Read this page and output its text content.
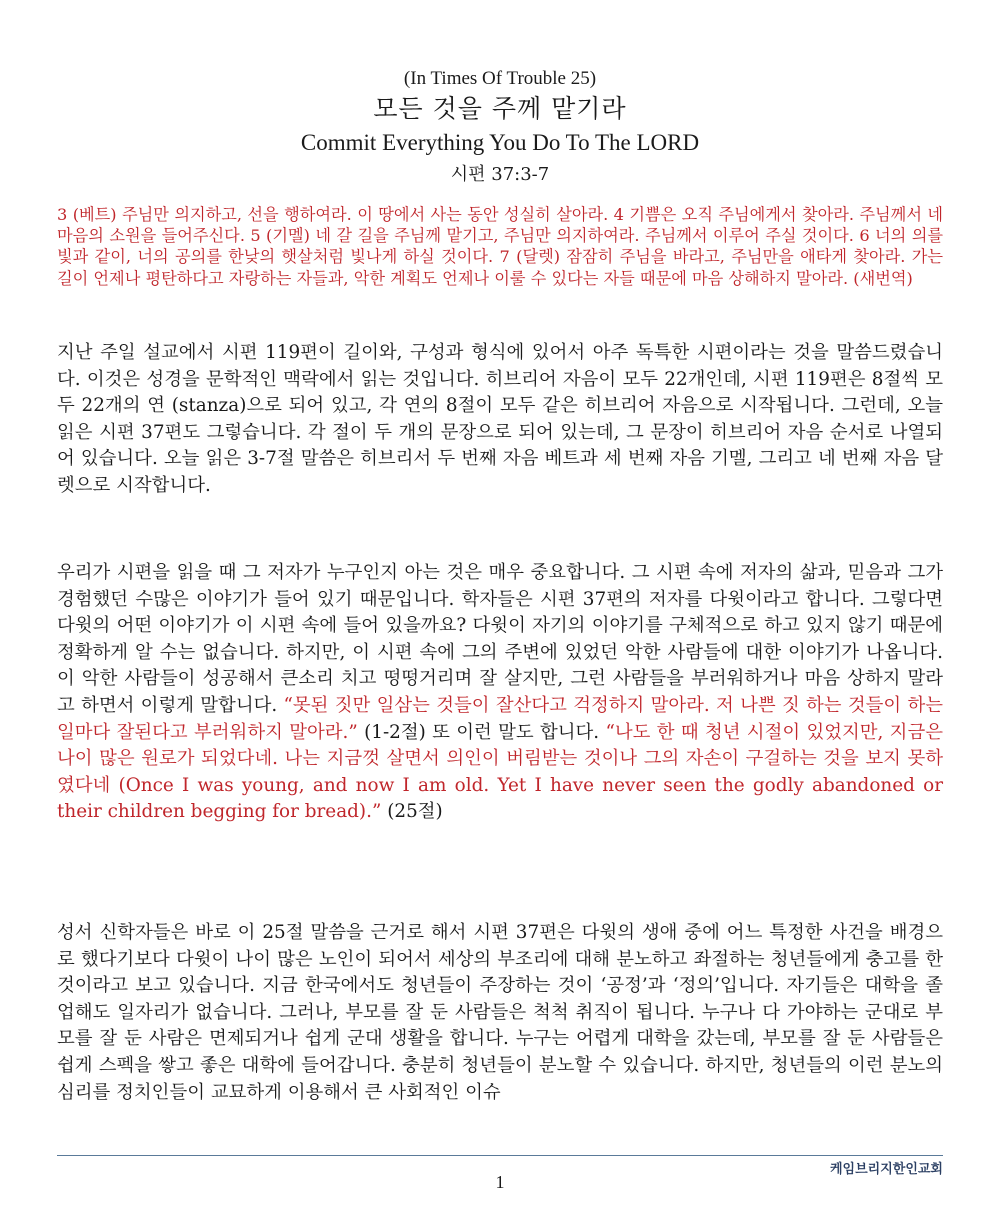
(In Times Of Trouble 25)
모든 것을 주께 맡기라
Commit Everything You Do To The LORD
시편 37:3-7

3 (베트) 주님만 의지하고, 선을 행하여라. 이 땅에서 사는 동안 성실히 살아라. 4 기쁨은 오직 주님에게서 찾아라. 주님께서 네 마음의 소원을 들어주신다. 5 (기멜) 네 갈 길을 주님께 맡기고, 주님만 의지하여라. 주님께서 이루어 주실 것이다. 6 너의 의를 빛과 같이, 너의 공의를 한낮의 햇살처럼 빛나게 하실 것이다. 7 (달렛) 잠잠히 주님을 바라고, 주님만을 애타게 찾아라. 가는 길이 언제나 평탄하다고 자랑하는 자들과, 악한 계획도 언제나 이룰 수 있다는 자들 때문에 마음 상해하지 말아라. (새번역)

지난 주일 설교에서 시편 119편이 길이와, 구성과 형식에 있어서 아주 독특한 시편이라는 것을 말씀드렸습니다. 이것은 성경을 문학적인 맥락에서 읽는 것입니다. 히브리어 자음이 모두 22개인데, 시편 119편은 8절씩 모두 22개의 연 (stanza)으로 되어 있고, 각 연의 8절이 모두 같은 히브리어 자음으로 시작됩니다. 그런데, 오늘 읽은 시편 37편도 그렇습니다. 각 절이 두 개의 문장으로 되어 있는데, 그 문장이 히브리어 자음 순서로 나열되어 있습니다. 오늘 읽은 3-7절 말씀은 히브리서 두 번째 자음 베트과 세 번째 자음 기멜, 그리고 네 번째 자음 달렛으로 시작합니다.

우리가 시편을 읽을 때 그 저자가 누구인지 아는 것은 매우 중요합니다. 그 시편 속에 저자의 삶과, 믿음과 그가 경험했던 수많은 이야기가 들어 있기 때문입니다. 학자들은 시편 37편의 저자를 다윗이라고 합니다. 그렇다면 다윗의 어떤 이야기가 이 시편 속에 들어 있을까요? 다윗이 자기의 이야기를 구체적으로 하고 있지 않기 때문에 정확하게 알 수는 없습니다. 하지만, 이 시편 속에 그의 주변에 있었던 악한 사람들에 대한 이야기가 나옵니다. 이 악한 사람들이 성공해서 큰소리 치고 떵떵거리며 잘 살지만, 그런 사람들을 부러워하거나 마음 상하지 말라고 하면서 이렇게 말합니다. “못된 짓만 일삼는 것들이 잘산다고 걱정하지 말아라. 저 나쁜 짓 하는 것들이 하는 일마다 잘된다고 부러워하지 말아라.” (1-2절) 또 이런 말도 합니다. “나도 한 때 청년 시절이 있었지만, 지금은 나이 많은 원로가 되었다네. 나는 지금껏 살면서 의인이 버림받는 것이나 그의 자손이 구걸하는 것을 보지 못하였다네 (Once I was young, and now I am old. Yet I have never seen the godly abandoned or their children begging for bread).” (25절)

성서 신학자들은 바로 이 25절 말씀을 근거로 해서 시편 37편은 다윗의 생애 중에 어느 특정한 사건을 배경으로 했다기보다 다윗이 나이 많은 노인이 되어서 세상의 부조리에 대해 분노하고 좌절하는 청년들에게 충고를 한 것이라고 보고 있습니다. 지금 한국에서도 청년들이 주장하는 것이 ‘공정’과 ‘정의’입니다. 자기들은 대학을 졸업해도 일자리가 없습니다. 그러나, 부모를 잘 둔 사람들은 척척 취직이 됩니다. 누구나 다 가야하는 군대로 부모를 잘 둔 사람은 면제되거나 쉽게 군대 생활을 합니다. 누구는 어렵게 대학을 갔는데, 부모를 잘 둔 사람들은 쉽게 스펙을 쌓고 좋은 대학에 들어갑니다. 충분히 청년들이 분노할 수 있습니다. 하지만, 청년들의 이런 분노의 심리를 정치인들이 교묘하게 이용해서 큰 사회적인 이슈

케임브리지한인교회
1
